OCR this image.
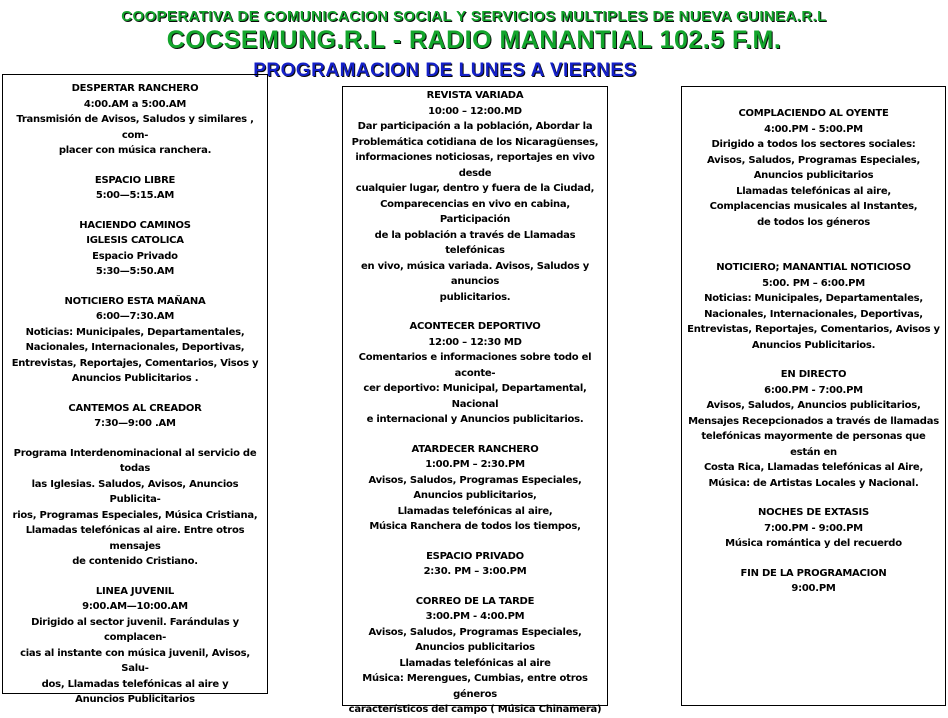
COOPERATIVA DE COMUNICACION SOCIAL Y SERVICIOS MULTIPLES DE NUEVA GUINEA.R.L
COCSEMUNG.R.L - RADIO MANANTIAL 102.5 F.M.
PROGRAMACION DE LUNES A VIERNES

DESPERTAR RANCHERO

4:00.AM a 5:00.AM

Transmisión de Avisos, Saludos y similares , com-

placer con música ranchera.

ESPACIO LIBRE

5:00—5:15.AM

HACIENDO CAMINOS

IGLESIS CATOLICA

Espacio Privado

5:30—5:50.AM

NOTICIERO ESTA MAÑANA

6:00—7:30.AM

Noticias: Municipales, Departamentales,

Nacionales, Internacionales, Deportivas,

Entrevistas, Reportajes, Comentarios, Visos y

Anuncios Publicitarios .

CANTEMOS AL CREADOR

7:30—9:00 .AM

Programa Interdenominacional al servicio de todas

las Iglesias. Saludos, Avisos, Anuncios Publicita-

rios, Programas Especiales, Música Cristiana,

Llamadas telefónicas al aire. Entre otros mensajes

de contenido Cristiano.

LINEA JUVENIL

9:00.AM—10:00.AM

Dirigido al sector juvenil. Farándulas y complacen-

cias al instante con música juvenil, Avisos, Salu-

dos, Llamadas telefónicas al aire y

Anuncios Publicitarios

REVISTA VARIADA

10:00 – 12:00.MD

Dar participación a la población, Abordar la

Problemática cotidiana de los Nicaragüenses,

informaciones noticiosas, reportajes en vivo desde

cualquier lugar, dentro y fuera de la Ciudad,

Comparecencias en vivo en cabina, Participación

de la población a través de Llamadas telefónicas

en vivo, música variada. Avisos, Saludos y anuncios

publicitarios.

ACONTECER DEPORTIVO

12:00 – 12:30 MD

Comentarios e informaciones sobre todo el aconte-

cer deportivo: Municipal, Departamental, Nacional

e internacional y Anuncios publicitarios.

ATARDECER RANCHERO

1:00.PM – 2:30.PM

Avisos, Saludos, Programas Especiales,

Anuncios publicitarios,

Llamadas telefónicas al aire,

Música Ranchera de todos los tiempos,

ESPACIO PRIVADO

2:30. PM – 3:00.PM

CORREO DE LA TARDE

3:00.PM - 4:00.PM

Avisos, Saludos, Programas Especiales,

Anuncios publicitarios

Llamadas telefónicas al aire

Música: Merengues, Cumbias, entre otros géneros

característicos del campo ( Música Chinamera)

COMPLACIENDO AL OYENTE

4:00.PM - 5:00.PM

Dirigido a todos los sectores sociales:

Avisos, Saludos, Programas Especiales,

Anuncios publicitarios

Llamadas telefónicas al aire,

Complacencias musicales al Instantes,

de todos los géneros

NOTICIERO; MANANTIAL NOTICIOSO

5:00. PM – 6:00.PM

Noticias: Municipales, Departamentales,

Nacionales, Internacionales, Deportivas,

Entrevistas, Reportajes, Comentarios, Avisos y

Anuncios Publicitarios.

EN DIRECTO

6:00.PM - 7:00.PM

Avisos, Saludos, Anuncios publicitarios,

Mensajes Recepcionados a través de llamadas

telefónicas mayormente de personas que están en

Costa Rica, Llamadas telefónicas al Aire,

Música: de Artistas Locales y Nacional.

NOCHES DE EXTASIS

7:00.PM - 9:00.PM

Música romántica y del recuerdo

FIN DE LA PROGRAMACION

9:00.PM
